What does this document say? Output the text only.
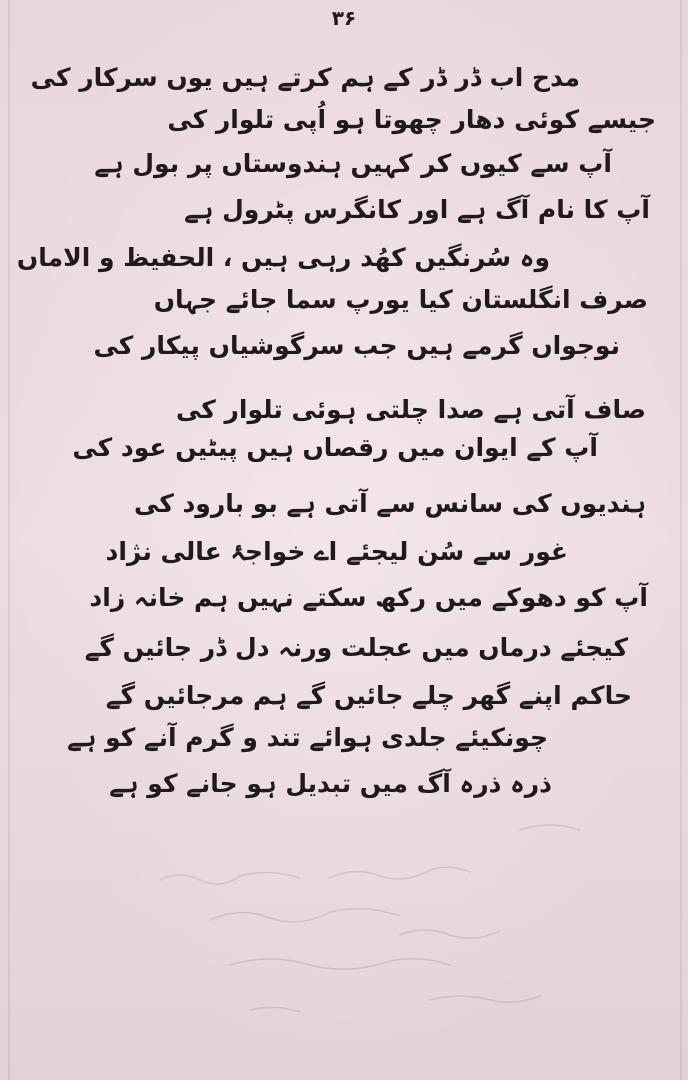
۳۶
مدح اب ڈر ڈر کے ہم کرتے ہیں یوں سرکار کی
جیسے کوئی دھار چھوتا ہو اُپی تلوار کی
آپ سے کیوں کر کہیں ہندوستاں پر بول ہے
آپ کا نام آگ ہے اور کانگرس پٹرول ہے
وہ سُرنگیں کھُد رہی ہیں ، الحفیظ و الاماں
صرف انگلستان کیا یورپ سما جائے جہاں
نوجواں گرمے ہیں جب سرگوشیاں پیکار کی
صاف آتی ہے صدا چلتی ہوئی تلوار کی
آپ کے ایوان میں رقصاں ہیں پیٹیں عود کی
ہندیوں کی سانس سے آتی ہے بو بارود کی
غور سے سُن لیجئے اے خواجۂ عالی نژاد
آپ کو دھوکے میں رکھ سکتے نہیں ہم خانہ زاد
کیجئے درماں میں عجلت ورنہ دل ڈر جائیں گے
حاکم اپنے گھر چلے جائیں گے ہم مرجائیں گے
چونکیئے جلدی ہوائے تند و گرم آنے کو ہے
ذرہ ذرہ آگ میں تبدیل ہو جانے کو ہے
